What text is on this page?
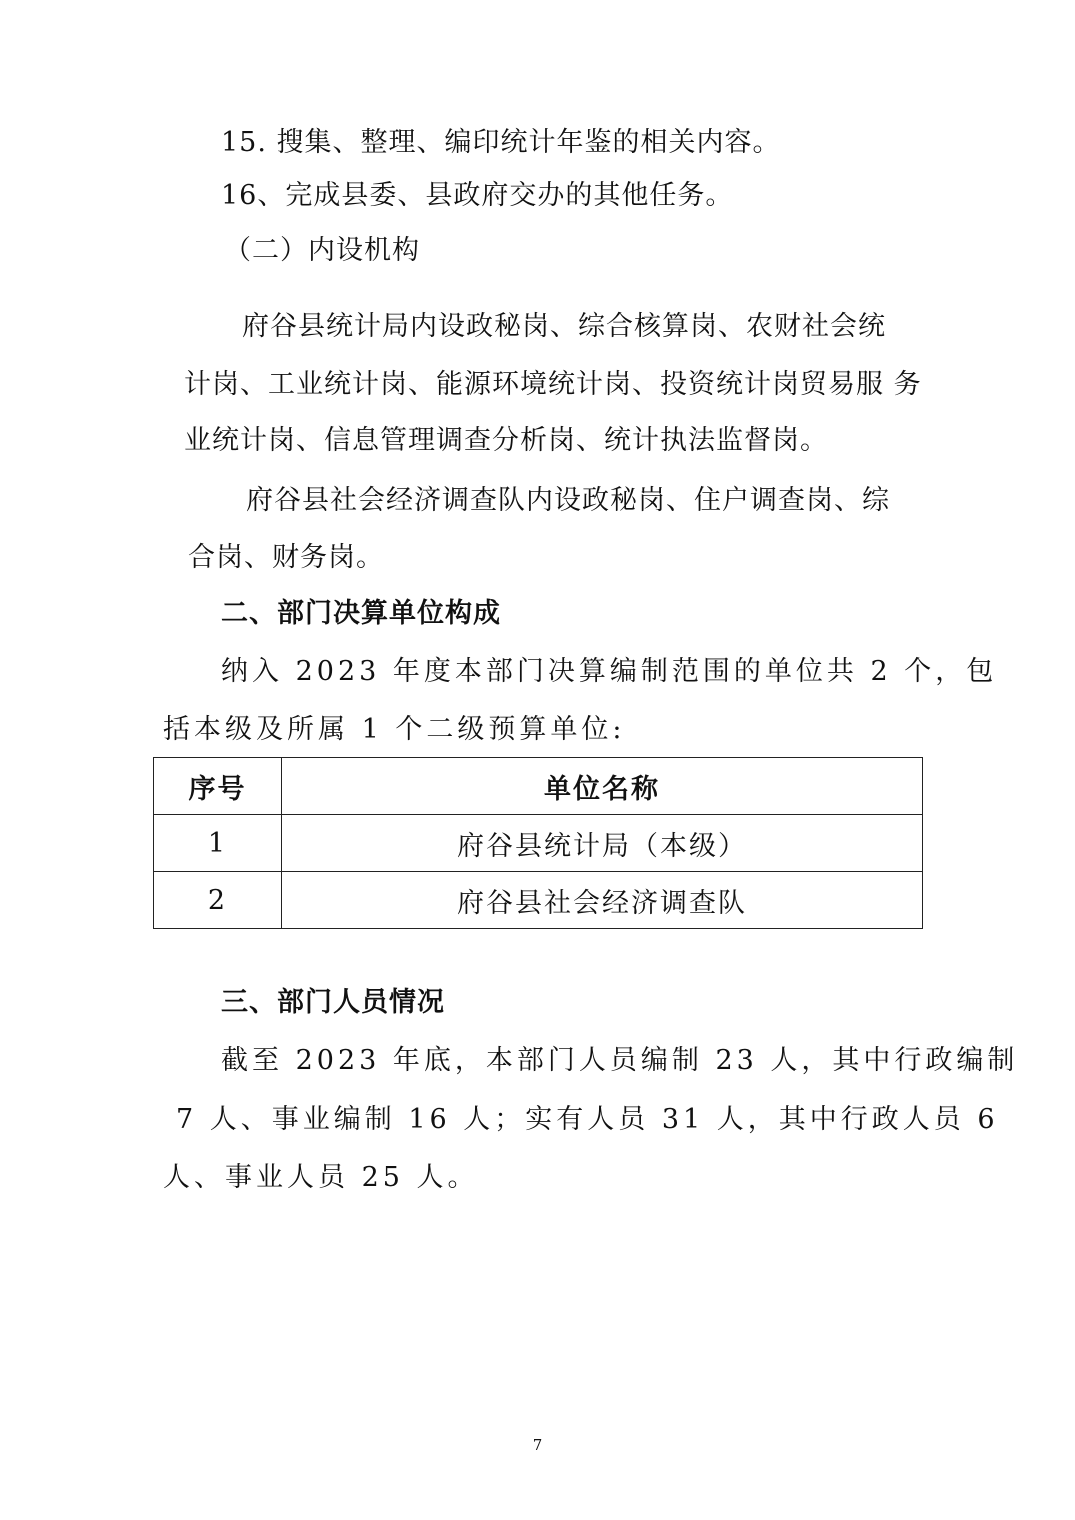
15. 搜集、整理、编印统计年鉴的相关内容。
16、完成县委、县政府交办的其他任务。
（二）内设机构
府谷县统计局内设政秘岗、综合核算岗、农财社会统
计岗、工业统计岗、能源环境统计岗、投资统计岗贸易服 务
业统计岗、信息管理调查分析岗、统计执法监督岗。
府谷县社会经济调查队内设政秘岗、住户调查岗、综
合岗、财务岗。
二、部门决算单位构成
纳入 2023 年度本部门决算编制范围的单位共 2 个，包
括本级及所属 1 个二级预算单位:
序号	单位名称
1	府谷县统计局（本级）
2	府谷县社会经济调查队
三、部门人员情况
截至 2023 年底，本部门人员编制 23 人，其中行政编制
7 人、事业编制 16 人；实有人员 31 人，其中行政人员 6
人、事业人员 25 人。
7
